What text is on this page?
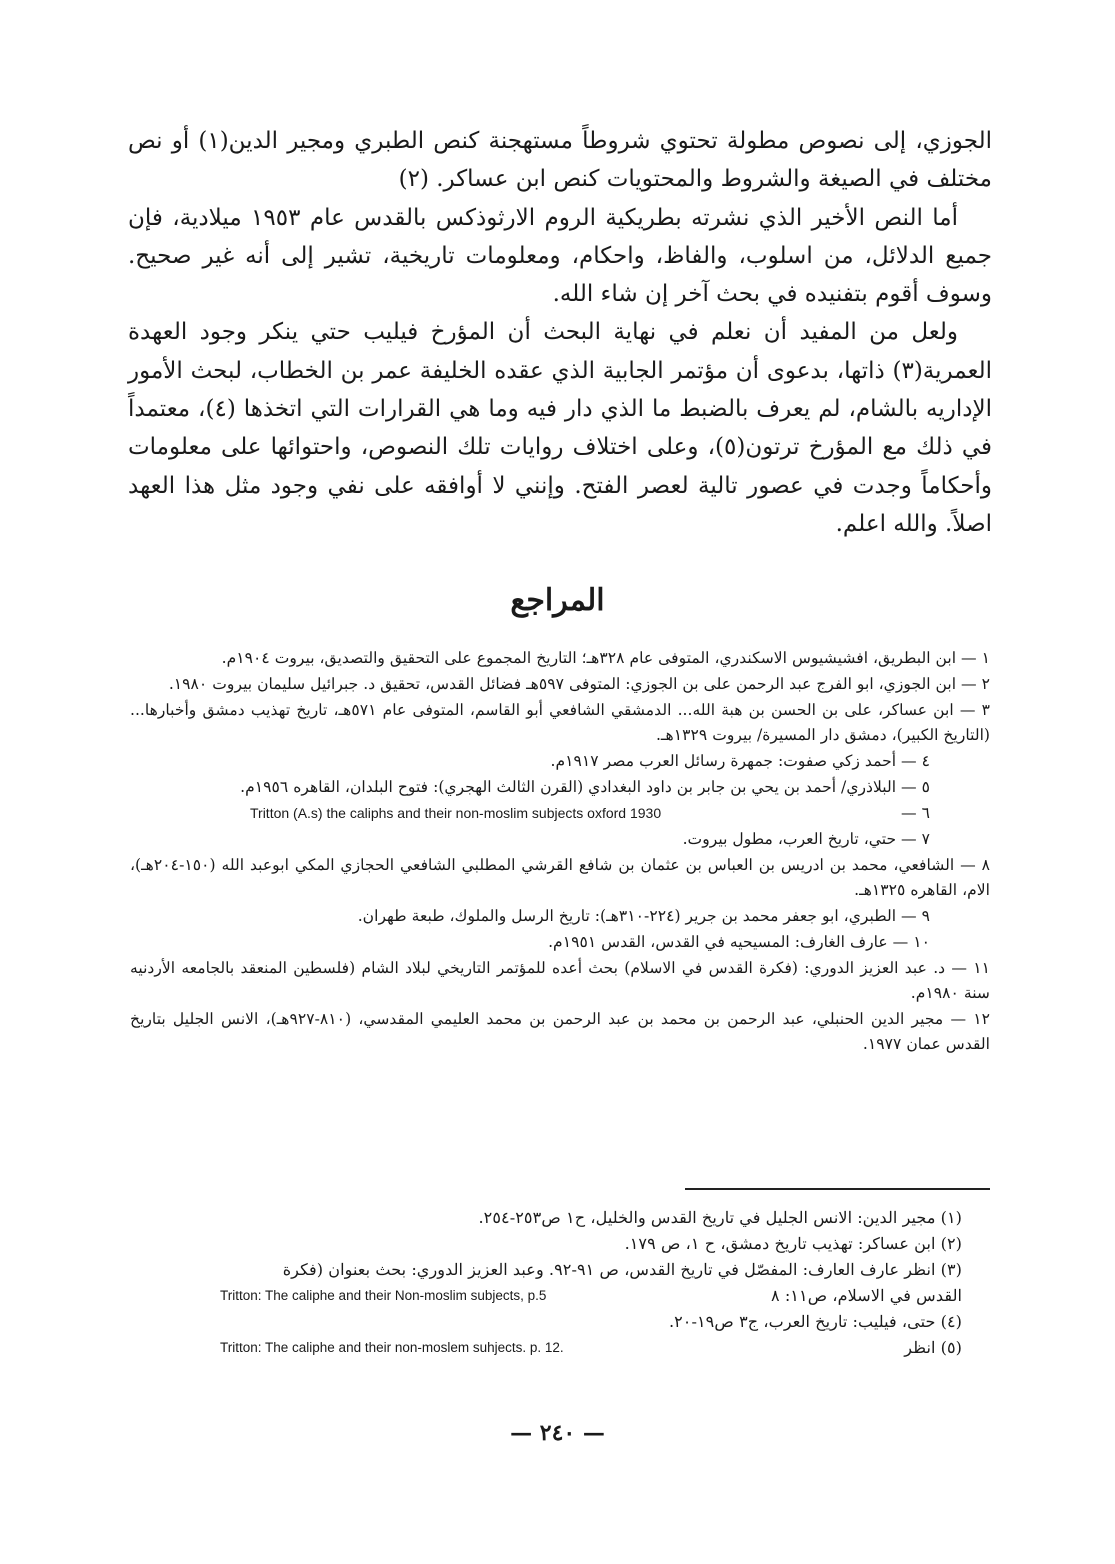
الجوزي، إلى نصوص مطولة تحتوي شروطاً مستهجنة كنص الطبري ومجير الدين(١) أو نص مختلف في الصيغة والشروط والمحتويات كنص ابن عساكر. (٢)

أما النص الأخير الذي نشرته بطريكية الروم الارثوذكس بالقدس عام ١٩٥٣ ميلادية، فإن جميع الدلائل، من اسلوب، والفاظ، واحكام، ومعلومات تاريخية، تشير إلى أنه غير صحيح. وسوف أقوم بتفنيده في بحث آخر إن شاء الله.

ولعل من المفيد أن نعلم في نهاية البحث أن المؤرخ فيليب حتي ينكر وجود العهدة العمرية(٣) ذاتها، بدعوى أن مؤتمر الجابية الذي عقده الخليفة عمر بن الخطاب، لبحث الأمور الإداريه بالشام، لم يعرف بالضبط ما الذي دار فيه وما هي القرارات التي اتخذها (٤)، معتمداً في ذلك مع المؤرخ ترتون(٥)، وعلى اختلاف روايات تلك النصوص، واحتوائها على معلومات وأحكاماً وجدت في عصور تالية لعصر الفتح. وإنني لا أوافقه على نفي وجود مثل هذا العهد اصلاً. والله اعلم.

المراجع

١ — ابن البطريق، افشيشيوس الاسكندري، المتوفى عام ٣٢٨هـ؛ التاريخ المجموع على التحقيق والتصديق، بيروت ١٩٠٤م.

٢ — ابن الجوزي، ابو الفرج عبد الرحمن على بن الجوزي: المتوفى ٥٩٧هـ فضائل القدس، تحقيق د. جبرائيل سليمان بيروت ١٩٨٠.

٣ — ابن عساكر، على بن الحسن بن هبة الله... الدمشقي الشافعي أبو القاسم، المتوفى عام ٥٧١هـ، تاريخ تهذيب دمشق وأخبارها... (التاريخ الكبير)، دمشق دار المسيرة/ بيروت ١٣٢٩هـ.

٤ — أحمد زكي صفوت: جمهرة رسائل العرب مصر ١٩١٧م.

٥ — البلاذري/ أحمد بن يحي بن جابر بن داود البغدادي (القرن الثالث الهجري): فتوح البلدان، القاهره ١٩٥٦م.

٦ —
Tritton (A.s) the caliphs and their non-moslim subjects oxford 1930

٧ — حتي، تاريخ العرب، مطول بيروت.

٨ — الشافعي، محمد بن ادريس بن العباس بن عثمان بن شافع القرشي المطلبي الشافعي الحجازي المكي ابوعبد الله (١٥٠-٢٠٤هـ)، الام، القاهره ١٣٢٥هـ.

٩ — الطبري، ابو جعفر محمد بن جرير (٢٢٤-٣١٠هـ): تاريخ الرسل والملوك، طبعة طهران.

١٠ — عارف الغارف: المسيحيه في القدس، القدس ١٩٥١م.

١١ — د. عبد العزيز الدوري: (فكرة القدس في الاسلام) بحث أعده للمؤتمر التاريخي لبلاد الشام (فلسطين المنعقد بالجامعه الأردنيه سنة ١٩٨٠م.

١٢ — مجير الدين الحنبلي، عبد الرحمن بن محمد بن عبد الرحمن بن محمد العليمي المقدسي، (٨١٠-٩٢٧هـ)، الانس الجليل بتاريخ القدس عمان ١٩٧٧.

(١) مجير الدين: الانس الجليل في تاريخ القدس والخليل، ح١ ص٢٥٣-٢٥٤.

(٢) ابن عساكر: تهذيب تاريخ دمشق، ح ١، ص ١٧٩.

(٣) انظر عارف العارف: المفصّل في تاريخ القدس، ص ٩١-٩٢. وعبد العزيز الدوري: بحث بعنوان (فكرة

القدس في الاسلام، ص١١: ٨
Tritton: The caliphe and their Non-moslim subjects, p.5

(٤) حتى، فيليب: تاريخ العرب، ج٣ ص١٩-٢٠.

(٥) انظر
Tritton: The caliphe and their non-moslem suhjects. p. 12.
— ٢٤٠ —
